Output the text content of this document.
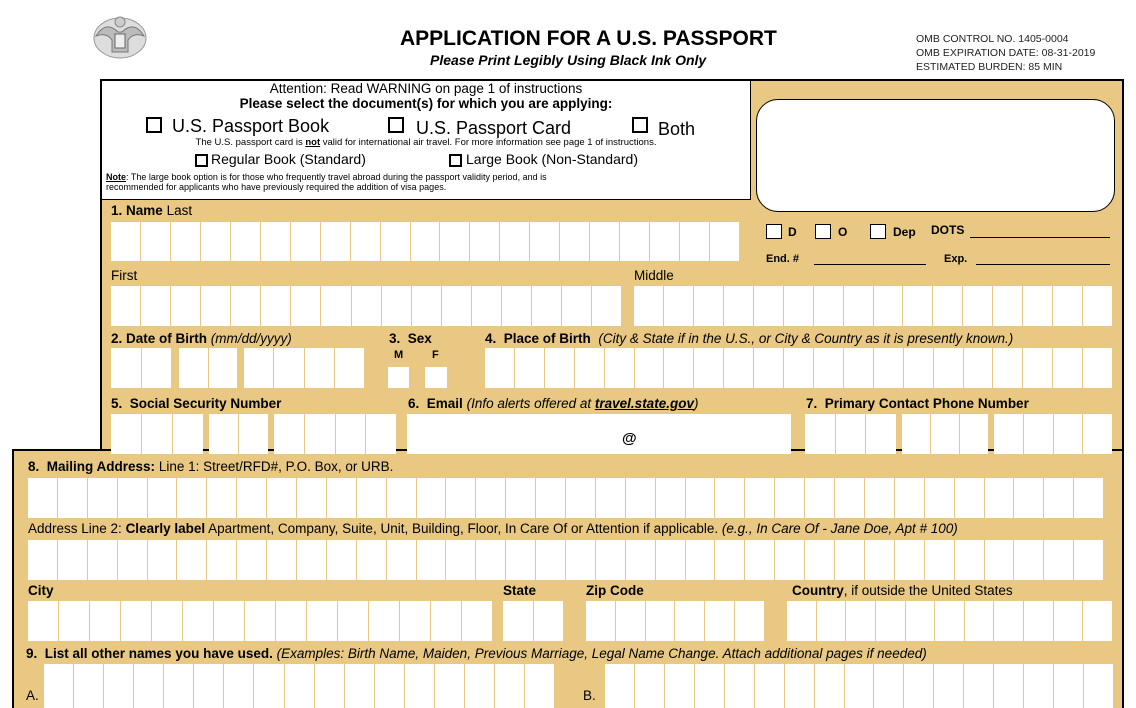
APPLICATION FOR A U.S. PASSPORT
Please Print Legibly Using Black Ink Only
OMB CONTROL NO. 1405-0004
OMB EXPIRATION DATE: 08-31-2019
ESTIMATED BURDEN: 85 MIN
Attention: Read WARNING on page 1 of instructions
Please select the document(s) for which you are applying:
U.S. Passport Book	U.S. Passport Card	Both
The U.S. passport card is not valid for international air travel. For more information see page 1 of instructions.
Regular Book (Standard)	Large Book (Non-Standard)
Note: The large book option is for those who frequently travel abroad during the passport validity period, and is
recommended for applicants who have previously required the addition of visa pages.
D	O	Dep DOTS
End. #	Exp.
1. Name Last
First	Middle
2. Date of Birth (mm/dd/yyyy)	3. Sex
M	F
4. Place of Birth (City & State if in the U.S., or City & Country as it is presently known.)
5. Social Security Number	6. Email (Info alerts offered at travel.state.gov)
@
7. Primary Contact Phone Number
8. Mailing Address: Line 1: Street/RFD#, P.O. Box, or URB.
Address Line 2: Clearly label Apartment, Company, Suite, Unit, Building, Floor, In Care Of or Attention if applicable. (e.g., In Care Of - Jane Doe, Apt # 100)
City	State	Zip Code	Country, if outside the United States
9. List all other names you have used. (Examples: Birth Name, Maiden, Previous Marriage, Legal Name Change. Attach additional pages if needed)
A.	B.
